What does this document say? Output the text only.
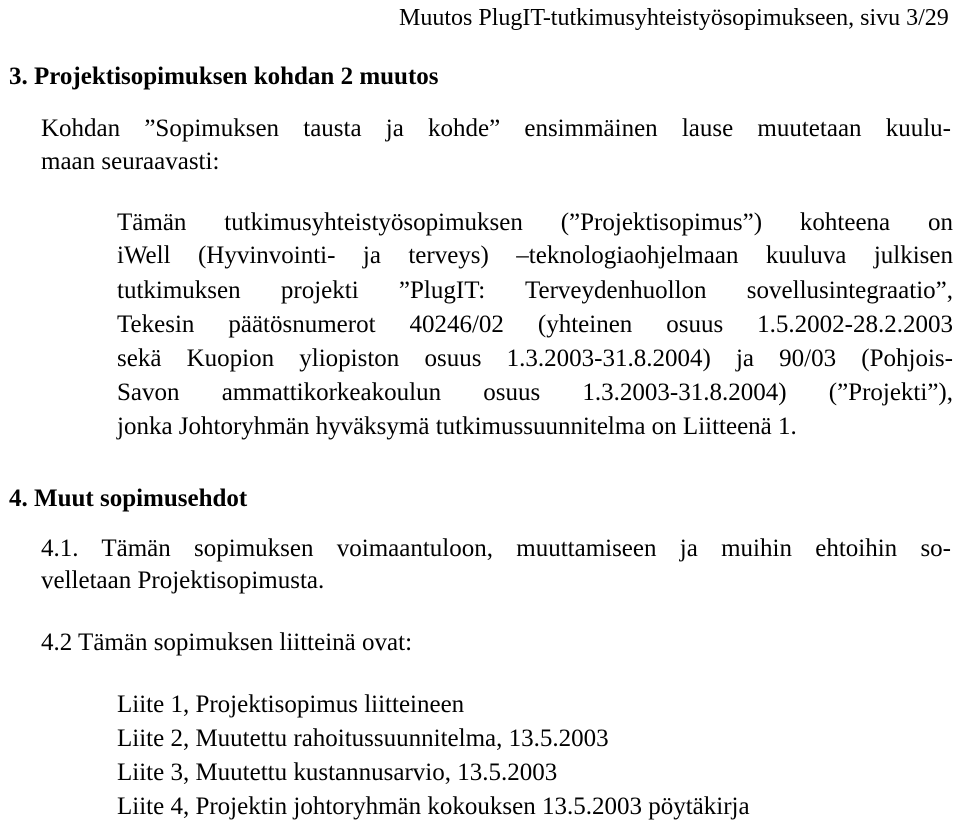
Muutos PlugIT-tutkimusyhteistyösopimukseen, sivu 3/29
3. Projektisopimuksen kohdan 2 muutos
Kohdan ”Sopimuksen tausta ja kohde” ensimmäinen lause muutetaan kuulu-
maan seuraavasti:
Tämän tutkimusyhteistyösopimuksen (”Projektisopimus”) kohteena on
iWell (Hyvinvointi- ja terveys) –teknologiaohjelmaan kuuluva julkisen
tutkimuksen projekti ”PlugIT: Terveydenhuollon sovellusintegraatio”,
Tekesin päätösnumerot 40246/02 (yhteinen osuus 1.5.2002-28.2.2003
sekä Kuopion yliopiston osuus 1.3.2003-31.8.2004) ja 90/03 (Pohjois-
Savon ammattikorkeakoulun osuus 1.3.2003-31.8.2004) (”Projekti”),
jonka Johtoryhmän hyväksymä tutkimussuunnitelma on Liitteenä 1.
4. Muut sopimusehdot
4.1. Tämän sopimuksen voimaantuloon, muuttamiseen ja muihin ehtoihin so-
velletaan Projektisopimusta.
4.2 Tämän sopimuksen liitteinä ovat:
Liite 1, Projektisopimus liitteineen
Liite 2, Muutettu rahoitussuunnitelma, 13.5.2003
Liite 3, Muutettu kustannusarvio, 13.5.2003
Liite 4, Projektin johtoryhmän kokouksen 13.5.2003 pöytäkirja
